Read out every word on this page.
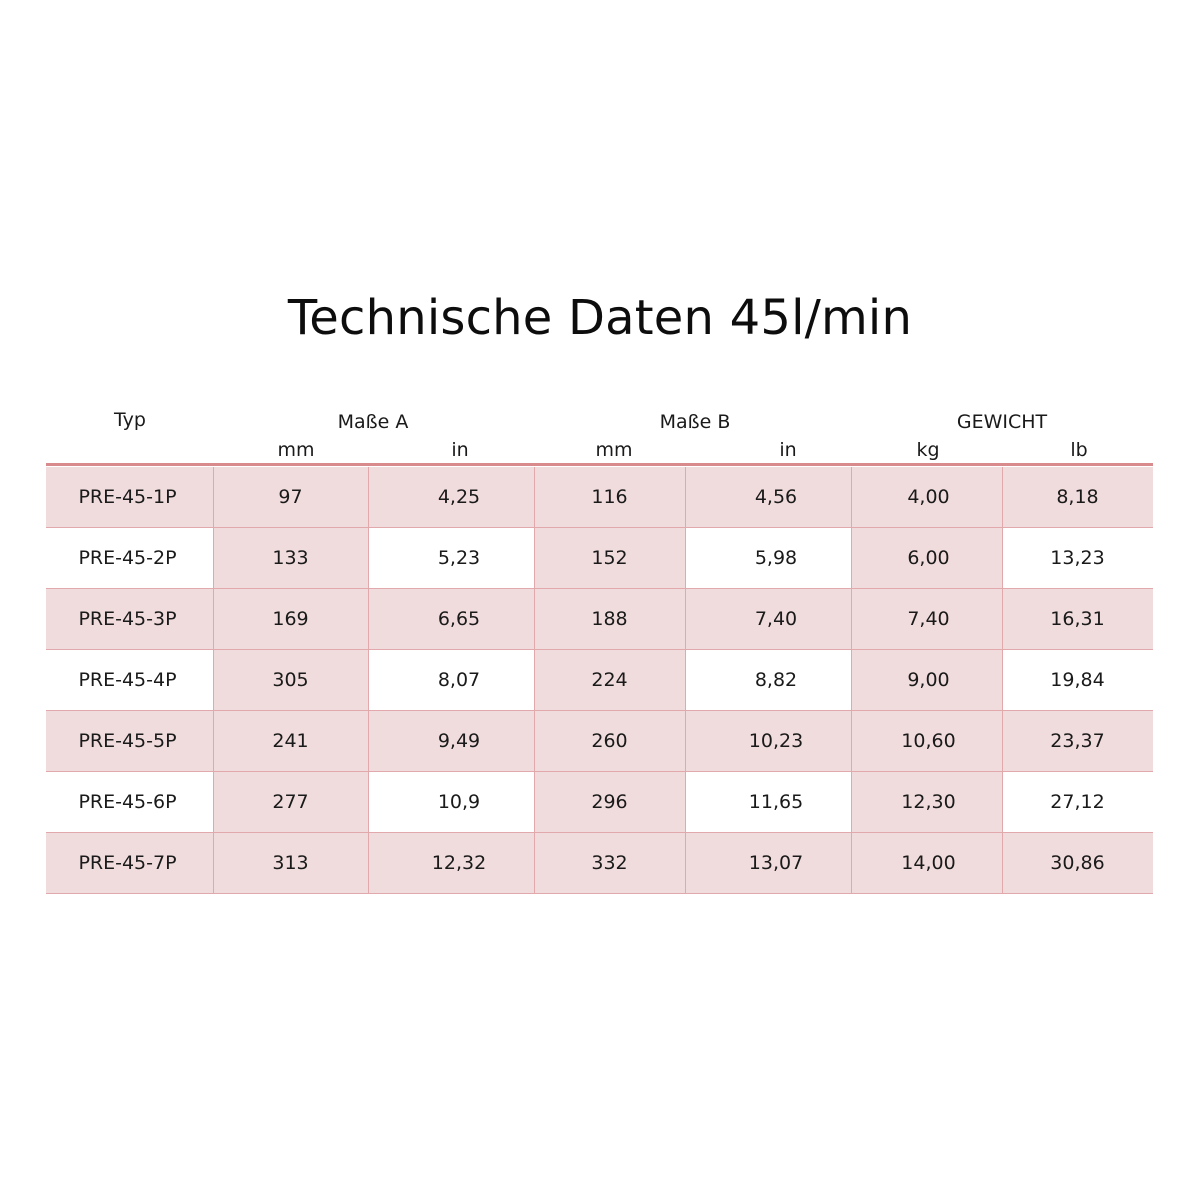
Technische Daten 45l/min
Typ	Maße A	Maße B	GEWICHT
mm	in	mm	in	kg	lb
PRE-45-1P	97	4,25	116	4,56	4,00	8,18
PRE-45-2P	133	5,23	152	5,98	6,00	13,23
PRE-45-3P	169	6,65	188	7,40	7,40	16,31
PRE-45-4P	305	8,07	224	8,82	9,00	19,84
PRE-45-5P	241	9,49	260	10,23	10,60	23,37
PRE-45-6P	277	10,9	296	11,65	12,30	27,12
PRE-45-7P	313	12,32	332	13,07	14,00	30,86
